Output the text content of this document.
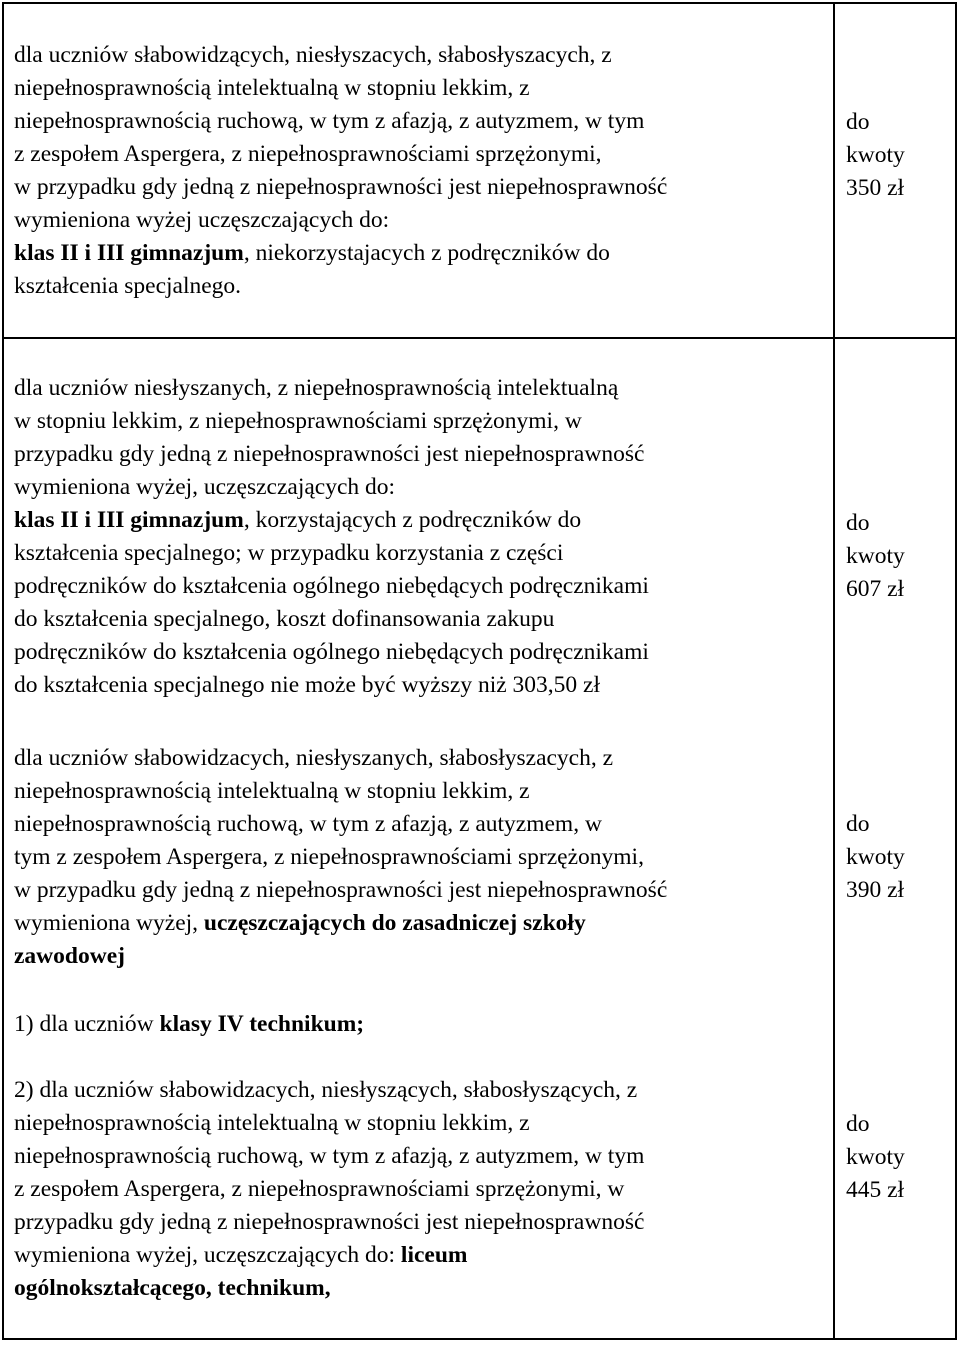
dla uczniów słabowidzących, niesłyszacych, słabosłyszacych, z
niepełnosprawnością intelektualną w stopniu lekkim, z
niepełnosprawnością ruchową, w tym z afazją, z autyzmem, w tym
z zespołem Aspergera, z niepełnosprawnościami sprzężonymi,
w przypadku gdy jedną z niepełnosprawności jest niepełnosprawność
wymieniona wyżej uczęszczających do:
klas II i III gimnazjum, niekorzystajacych z podręczników do
kształcenia specjalnego.
do
kwoty
350 zł
dla uczniów niesłyszanych, z niepełnosprawnością intelektualną
w stopniu lekkim, z niepełnosprawnościami sprzężonymi, w
przypadku gdy jedną z niepełnosprawności jest niepełnosprawność
wymieniona wyżej, uczęszczających do:
klas II i III gimnazjum, korzystających z podręczników do
kształcenia specjalnego; w przypadku korzystania z części
podręczników do kształcenia ogólnego niebędących podręcznikami
do kształcenia specjalnego, koszt dofinansowania zakupu
podręczników do kształcenia ogólnego niebędących podręcznikami
do kształcenia specjalnego nie może być wyższy niż 303,50 zł
do
kwoty
607 zł
dla uczniów słabowidzacych, niesłyszanych, słabosłyszacych, z
niepełnosprawnością intelektualną w stopniu lekkim, z
niepełnosprawnością ruchową, w tym z afazją, z autyzmem, w
tym z zespołem Aspergera, z niepełnosprawnościami sprzężonymi,
w przypadku gdy jedną z niepełnosprawności jest niepełnosprawność
wymieniona wyżej, uczęszczających do zasadniczej szkoły
zawodowej
do
kwoty
390 zł
1) dla uczniów klasy IV technikum;

2) dla uczniów słabowidzacych, niesłyszących, słabosłyszących, z
niepełnosprawnością intelektualną w stopniu lekkim, z
niepełnosprawnością ruchową, w tym z afazją, z autyzmem, w tym
z zespołem Aspergera, z niepełnosprawnościami sprzężonymi, w
przypadku gdy jedną z niepełnosprawności jest niepełnosprawność
wymieniona wyżej, uczęszczających do: liceum
ogólnokształcącego, technikum,
do
kwoty
445 zł
